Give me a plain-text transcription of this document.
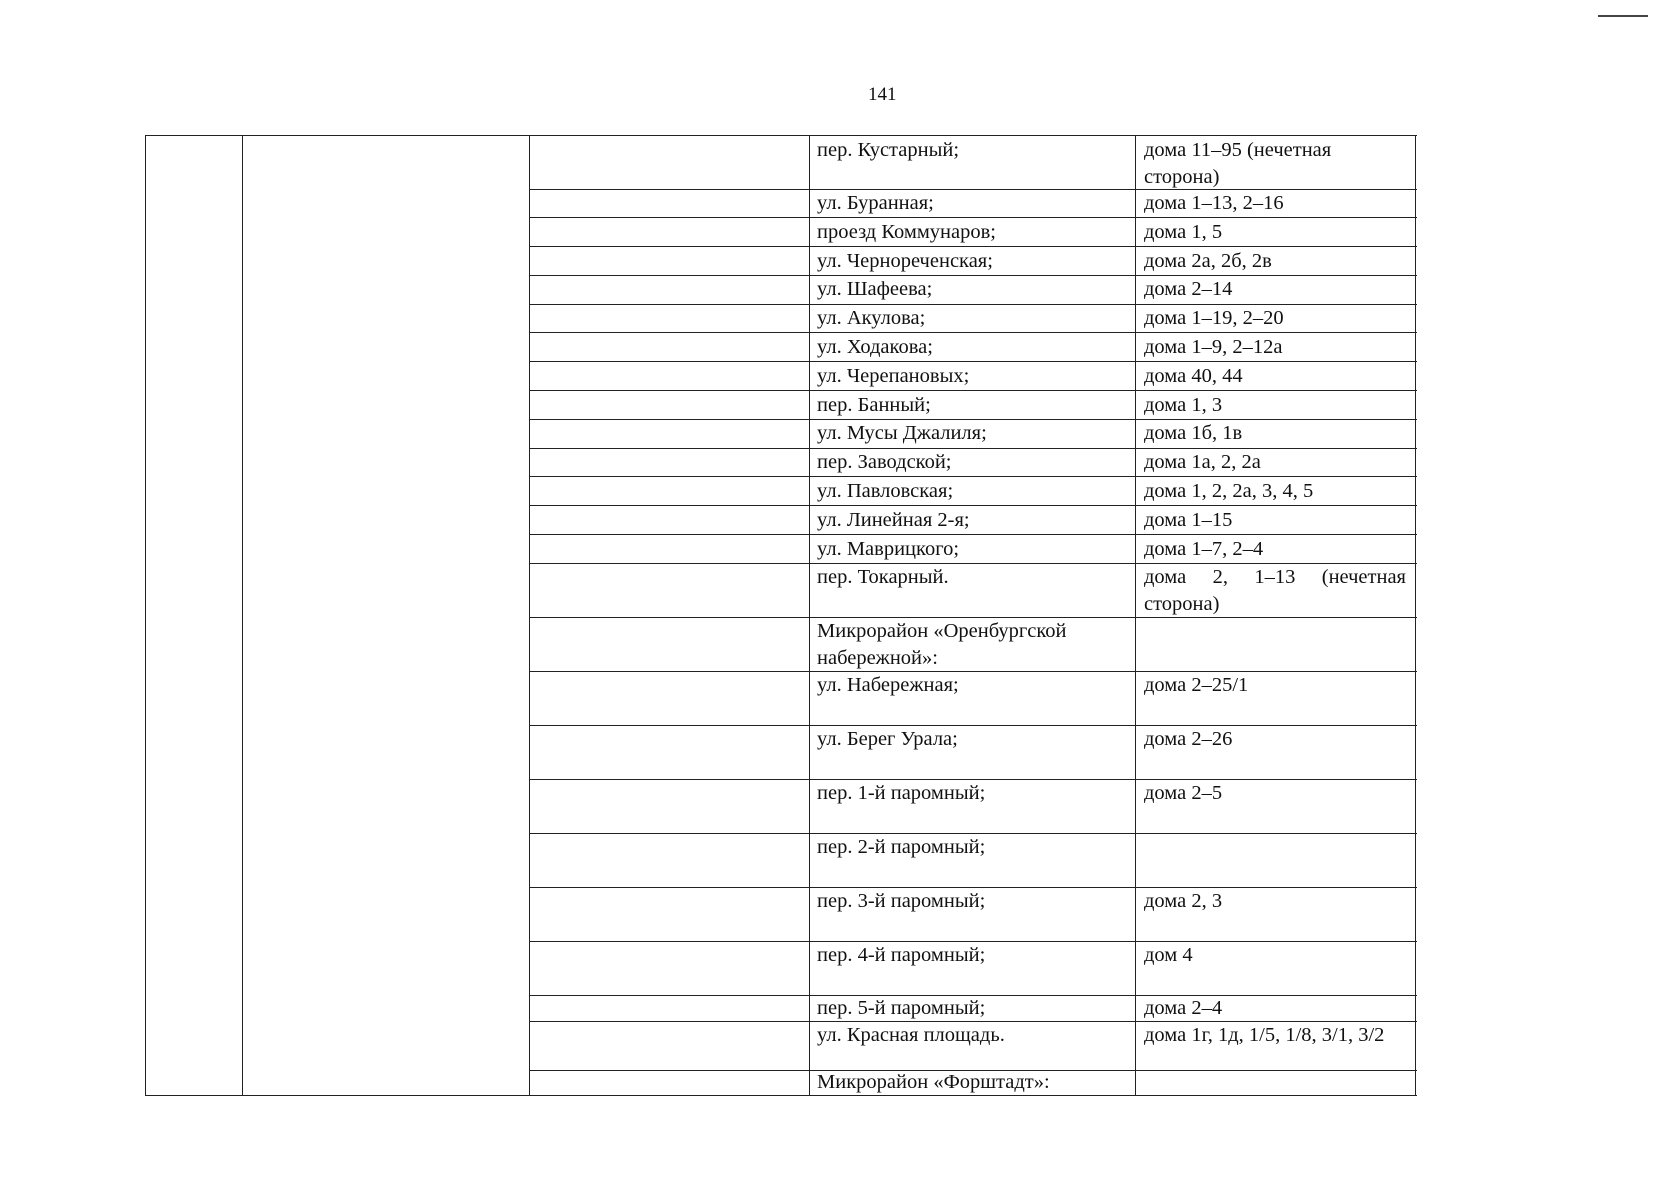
141
пер. Кустарный;
ул. Буранная;
проезд Коммунаров;
ул. Чернореченская;
ул. Шафеева;
ул. Акулова;
ул. Ходакова;
ул. Черепановых;
пер. Банный;
ул. Мусы Джалиля;
пер. Заводской;
ул. Павловская;
ул. Линейная 2-я;
ул. Маврицкого;
пер. Токарный.
Микрорайон «Оренбургской набережной»:
ул. Набережная;
ул. Берег Урала;
пер. 1-й паромный;
пер. 2-й паромный;
пер. 3-й паромный;
пер. 4-й паромный;
пер. 5-й паромный;
ул. Красная площадь.
Микрорайон «Форштадт»:
дома 11–95 (нечетная сторона)
дома 1–13, 2–16
дома 1, 5
дома 2а, 2б, 2в
дома 2–14
дома 1–19, 2–20
дома 1–9, 2–12а
дома 40, 44
дома 1, 3
дома 1б, 1в
дома 1а, 2, 2а
дома 1, 2, 2а, 3, 4, 5
дома 1–15
дома 1–7, 2–4
дома 2, 1–13 (нечетная сторона)
дома 2–25/1
дома 2–26
дома 2–5
дома 2, 3
дом 4
дома 2–4
дома 1г, 1д, 1/5, 1/8, 3/1, 3/2
